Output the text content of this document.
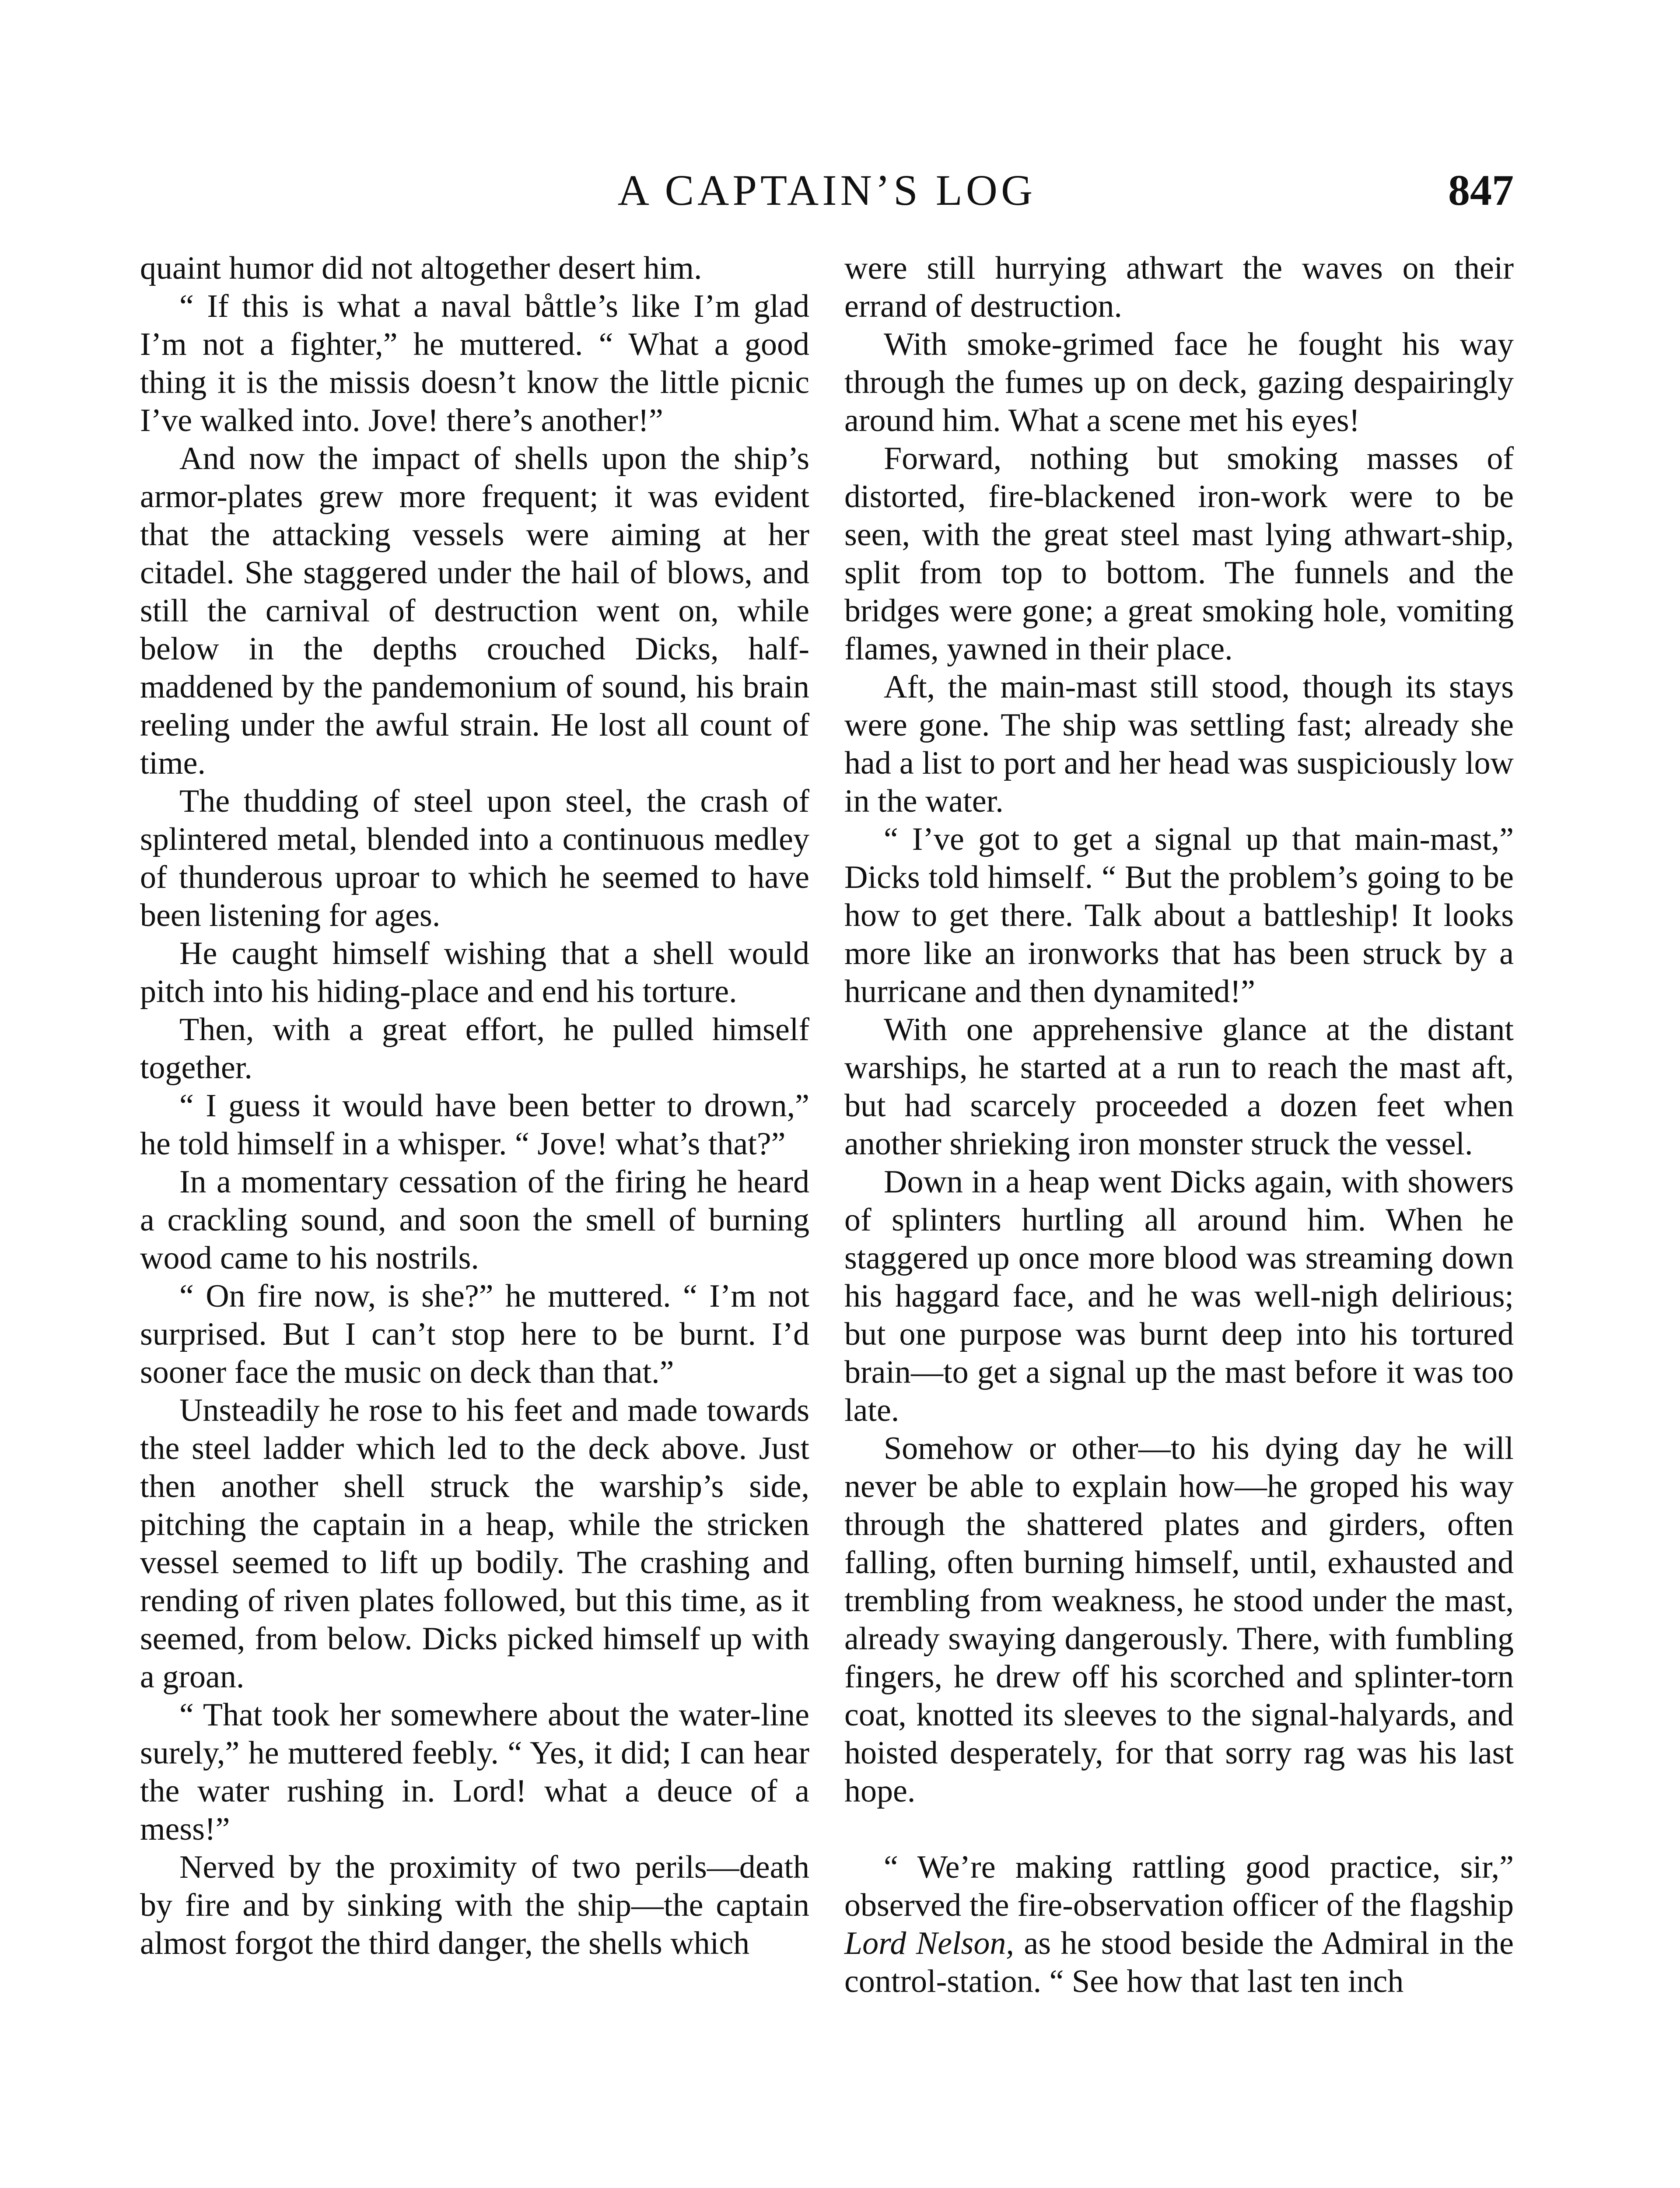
A CAPTAIN’S LOG	847

quaint humor did not altogether desert him.

“ If this is what a naval båttle’s like I’m glad I’m not a fighter,” he muttered. “ What a good thing it is the missis doesn’t know the little picnic I’ve walked into. Jove! there’s another!”

And now the impact of shells upon the ship’s armor-plates grew more frequent; it was evident that the attacking vessels were aiming at her citadel. She staggered under the hail of blows, and still the carnival of destruction went on, while below in the depths crouched Dicks, half-maddened by the pandemonium of sound, his brain reeling under the awful strain. He lost all count of time.

The thudding of steel upon steel, the crash of splintered metal, blended into a continuous medley of thunderous uproar to which he seemed to have been listening for ages.

He caught himself wishing that a shell would pitch into his hiding-place and end his torture.

Then, with a great effort, he pulled himself together.

“ I guess it would have been better to drown,” he told himself in a whisper. “ Jove! what’s that?”

In a momentary cessation of the firing he heard a crackling sound, and soon the smell of burning wood came to his nostrils.

“ On fire now, is she?” he muttered. “ I’m not surprised. But I can’t stop here to be burnt. I’d sooner face the music on deck than that.”

Unsteadily he rose to his feet and made towards the steel ladder which led to the deck above. Just then another shell struck the warship’s side, pitching the captain in a heap, while the stricken vessel seemed to lift up bodily. The crashing and rending of riven plates followed, but this time, as it seemed, from below. Dicks picked himself up with a groan.

“ That took her somewhere about the water-line surely,” he muttered feebly. “ Yes, it did; I can hear the water rushing in. Lord! what a deuce of a mess!”

Nerved by the proximity of two perils—death by fire and by sinking with the ship—the captain almost forgot the third danger, the shells which

were still hurrying athwart the waves on their errand of destruction.

With smoke-grimed face he fought his way through the fumes up on deck, gazing despairingly around him. What a scene met his eyes!

Forward, nothing but smoking masses of distorted, fire-blackened iron-work were to be seen, with the great steel mast lying athwart-ship, split from top to bottom. The funnels and the bridges were gone; a great smoking hole, vomiting flames, yawned in their place.

Aft, the main-mast still stood, though its stays were gone. The ship was settling fast; already she had a list to port and her head was suspiciously low in the water.

“ I’ve got to get a signal up that main-mast,” Dicks told himself. “ But the problem’s going to be how to get there. Talk about a battleship! It looks more like an ironworks that has been struck by a hurricane and then dynamited!”

With one apprehensive glance at the distant warships, he started at a run to reach the mast aft, but had scarcely proceeded a dozen feet when another shrieking iron monster struck the vessel.

Down in a heap went Dicks again, with showers of splinters hurtling all around him. When he staggered up once more blood was streaming down his haggard face, and he was well-nigh delirious; but one purpose was burnt deep into his tortured brain—to get a signal up the mast before it was too late.

Somehow or other—to his dying day he will never be able to explain how—he groped his way through the shattered plates and girders, often falling, often burning himself, until, exhausted and trembling from weakness, he stood under the mast, already swaying dangerously. There, with fumbling fingers, he drew off his scorched and splinter-torn coat, knotted its sleeves to the signal-halyards, and hoisted desperately, for that sorry rag was his last hope.

“ We’re making rattling good practice, sir,” observed the fire-observation officer of the flagship Lord Nelson, as he stood beside the Admiral in the control-station. “ See how that last ten inch
